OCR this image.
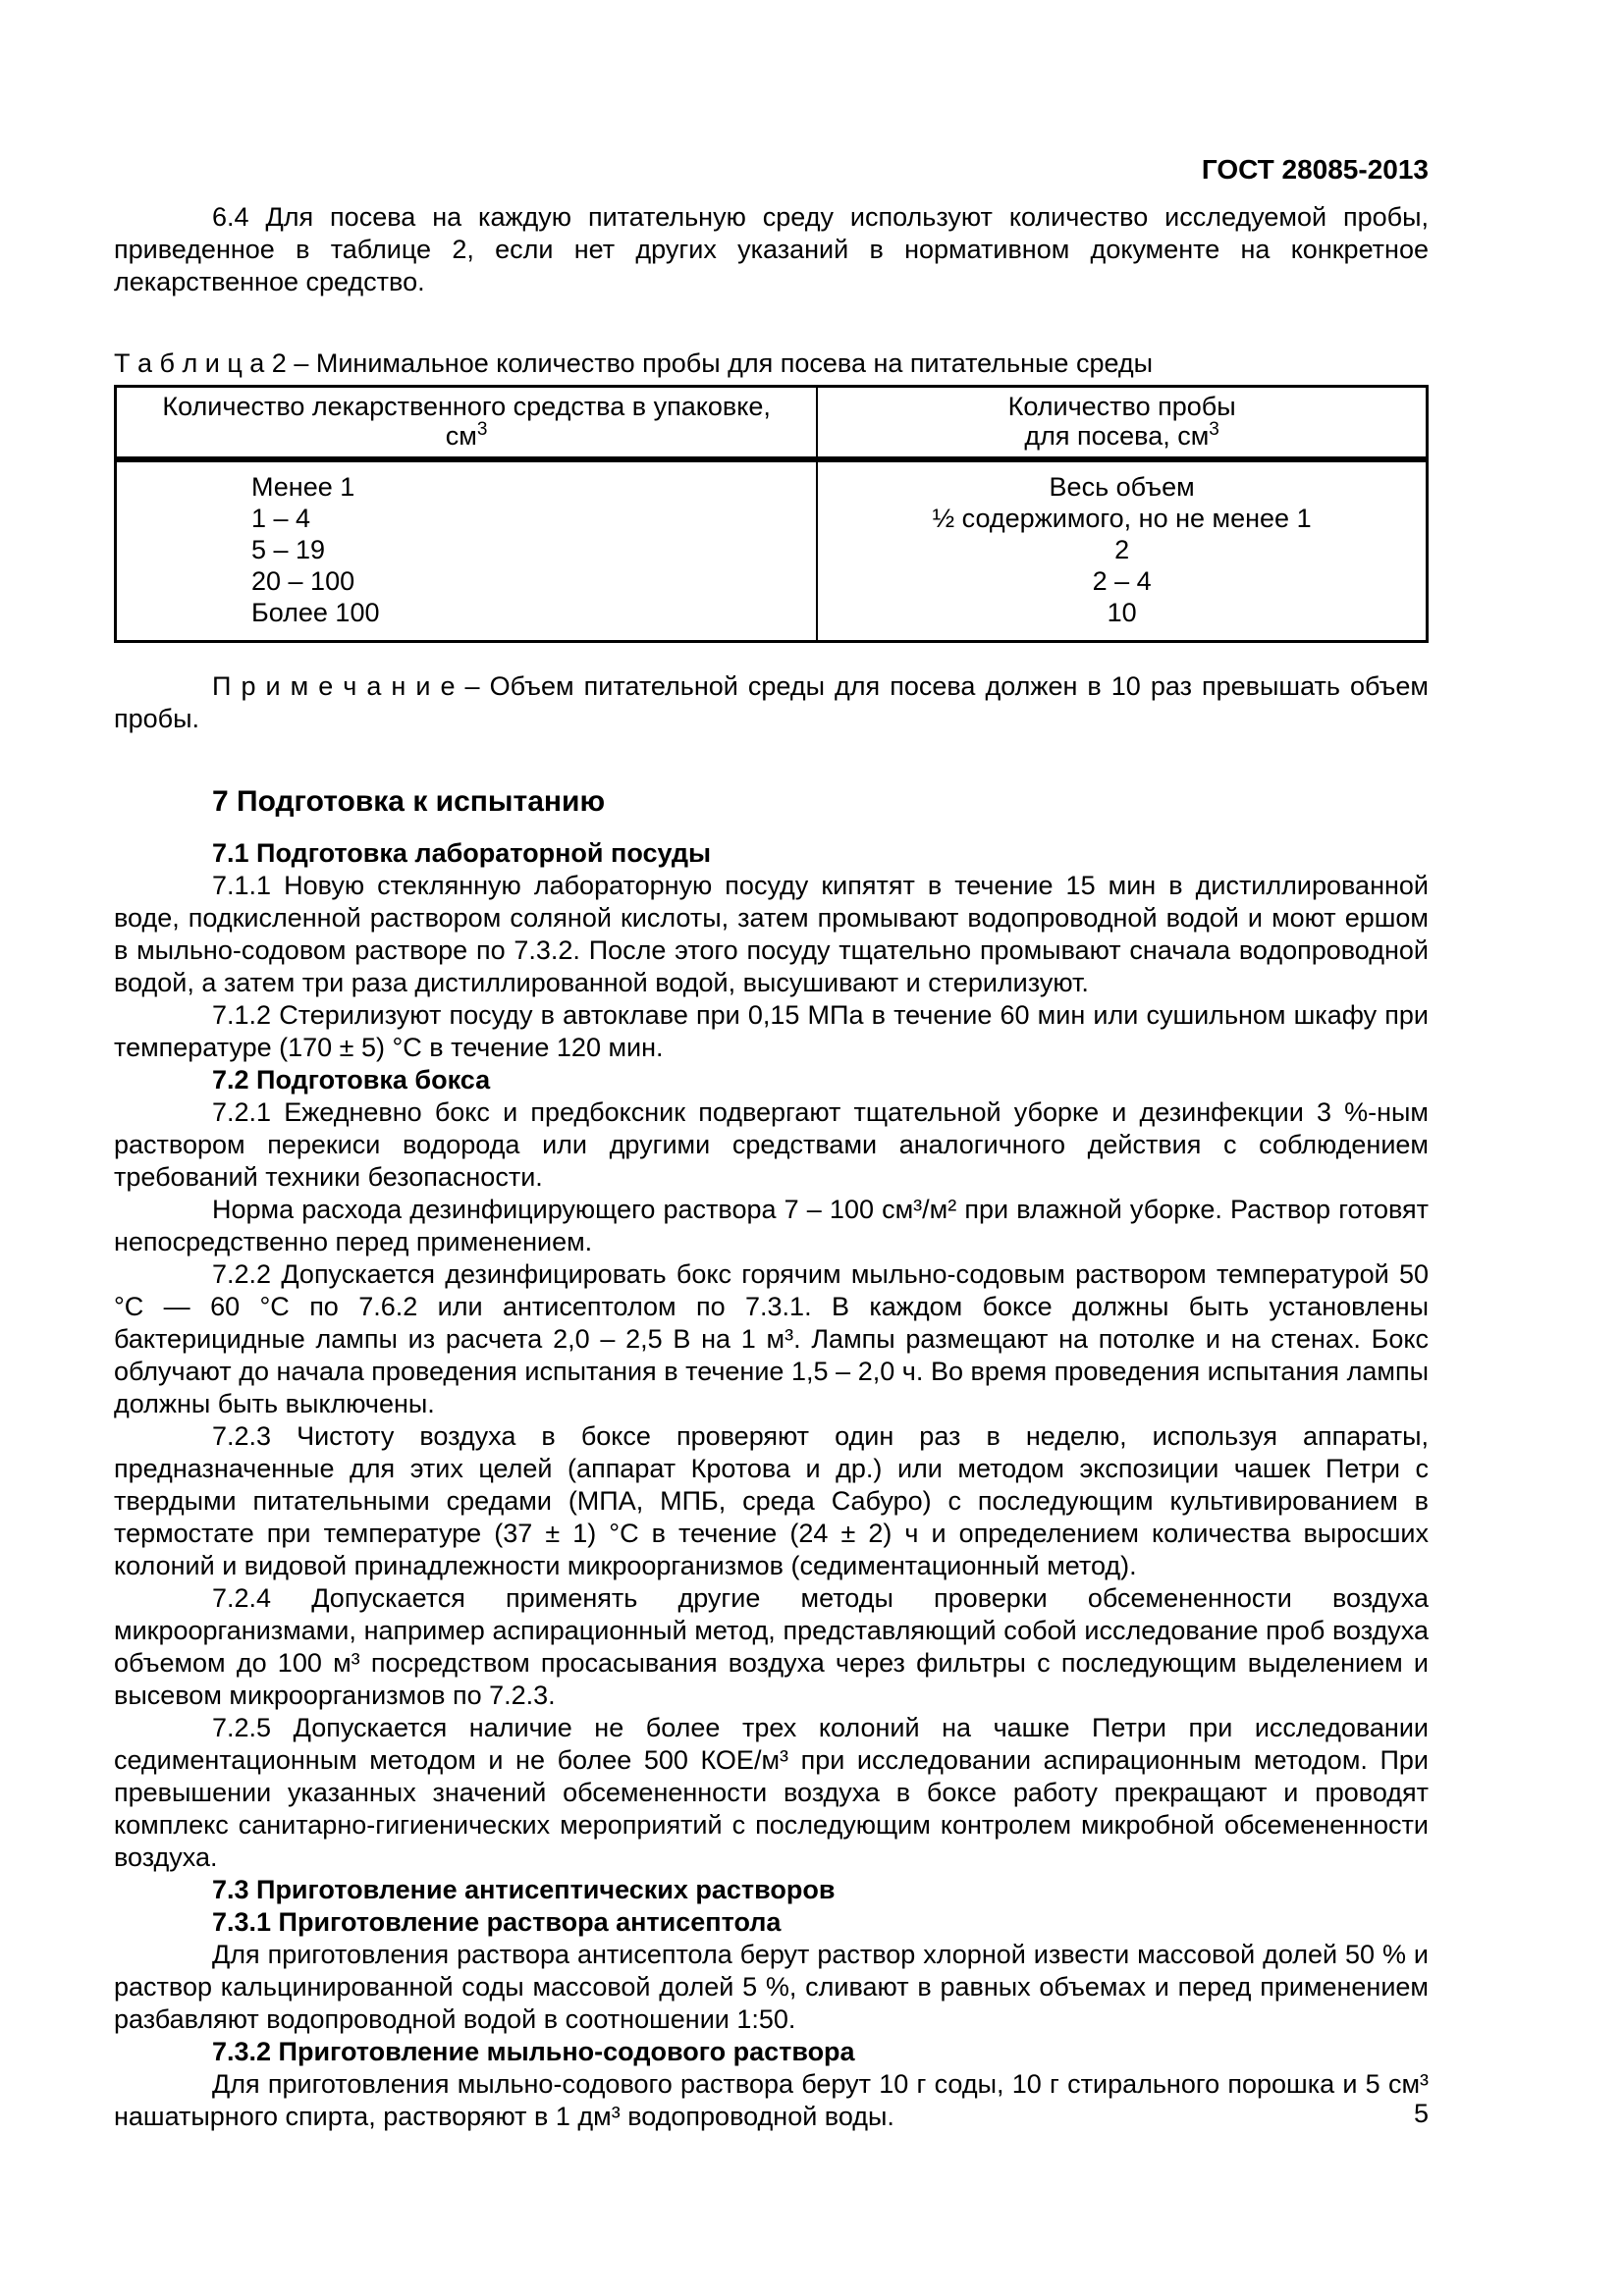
ГОСТ 28085-2013

6.4 Для посева на каждую питательную среду используют количество исследуемой пробы, приведенное в таблице 2, если нет других указаний в нормативном документе на конкретное лекарственное средство.

Т а б л и ц а 2 – Минимальное количество пробы для посева на питательные среды

Количество лекарственного средства в упаковке,
$см^3$	Количество пробы
для посева, $см^3$
Менее 1	Весь объем
1 – 4	½ содержимого, но не менее 1
5 – 19	2
20 – 100	2 – 4
Более 100	10

П р и м е ч а н и е – Объем питательной среды для посева должен в 10 раз превышать объем пробы.

7 Подготовка к испытанию

7.1 Подготовка лабораторной посуды

7.1.1 Новую стеклянную лабораторную посуду кипятят в течение 15 мин в дистиллированной воде, подкисленной раствором соляной кислоты, затем промывают водопроводной водой и моют ершом в мыльно-содовом растворе по 7.3.2. После этого посуду тщательно промывают сначала водопроводной водой, а затем три раза дистиллированной водой, высушивают и стерилизуют.

7.1.2 Стерилизуют посуду в автоклаве при 0,15 МПа в течение 60 мин или сушильном шкафу при температуре (170 ± 5) °С в течение 120 мин.

7.2 Подготовка бокса

7.2.1 Ежедневно бокс и предбоксник подвергают тщательной уборке и дезинфекции 3 %-ным раствором перекиси водорода или другими средствами аналогичного действия с соблюдением требований техники безопасности.

Норма расхода дезинфицирующего раствора 7 – 100 см³/м² при влажной уборке. Раствор готовят непосредственно перед применением.

7.2.2 Допускается дезинфицировать бокс горячим мыльно-содовым раствором температурой 50 °С — 60 °С по 7.6.2 или антисептолом по 7.3.1. В каждом боксе должны быть установлены бактерицидные лампы из расчета 2,0 – 2,5 В на 1 м³. Лампы размещают на потолке и на стенах. Бокс облучают до начала проведения испытания в течение 1,5 – 2,0 ч. Во время проведения испытания лампы должны быть выключены.

7.2.3 Чистоту воздуха в боксе проверяют один раз в неделю, используя аппараты, предназначенные для этих целей (аппарат Кротова и др.) или методом экспозиции чашек Петри с твердыми питательными средами (МПА, МПБ, среда Сабуро) с последующим культивированием в термостате при температуре (37 ± 1) °С в течение (24 ± 2) ч и определением количества выросших колоний и видовой принадлежности микроорганизмов (седиментационный метод).

7.2.4 Допускается применять другие методы проверки обсемененности воздуха микроорганизмами, например аспирационный метод, представляющий собой исследование проб воздуха объемом до 100 м³ посредством просасывания воздуха через фильтры с последующим выделением и высевом микроорганизмов по 7.2.3.

7.2.5 Допускается наличие не более трех колоний на чашке Петри при исследовании седиментационным методом и не более 500 КОЕ/м³ при исследовании аспирационным методом. При превышении указанных значений обсемененности воздуха в боксе работу прекращают и проводят комплекс санитарно-гигиенических мероприятий с последующим контролем микробной обсемененности воздуха.

7.3 Приготовление антисептических растворов

7.3.1 Приготовление раствора антисептола

Для приготовления раствора антисептола берут раствор хлорной извести массовой долей 50 % и раствор кальцинированной соды массовой долей 5 %, сливают в равных объемах и перед применением разбавляют водопроводной водой в соотношении 1:50.

7.3.2 Приготовление мыльно-содового раствора

Для приготовления мыльно-содового раствора берут 10 г соды, 10 г стирального порошка и 5 см³ нашатырного спирта, растворяют в 1 дм³ водопроводной воды.	5
